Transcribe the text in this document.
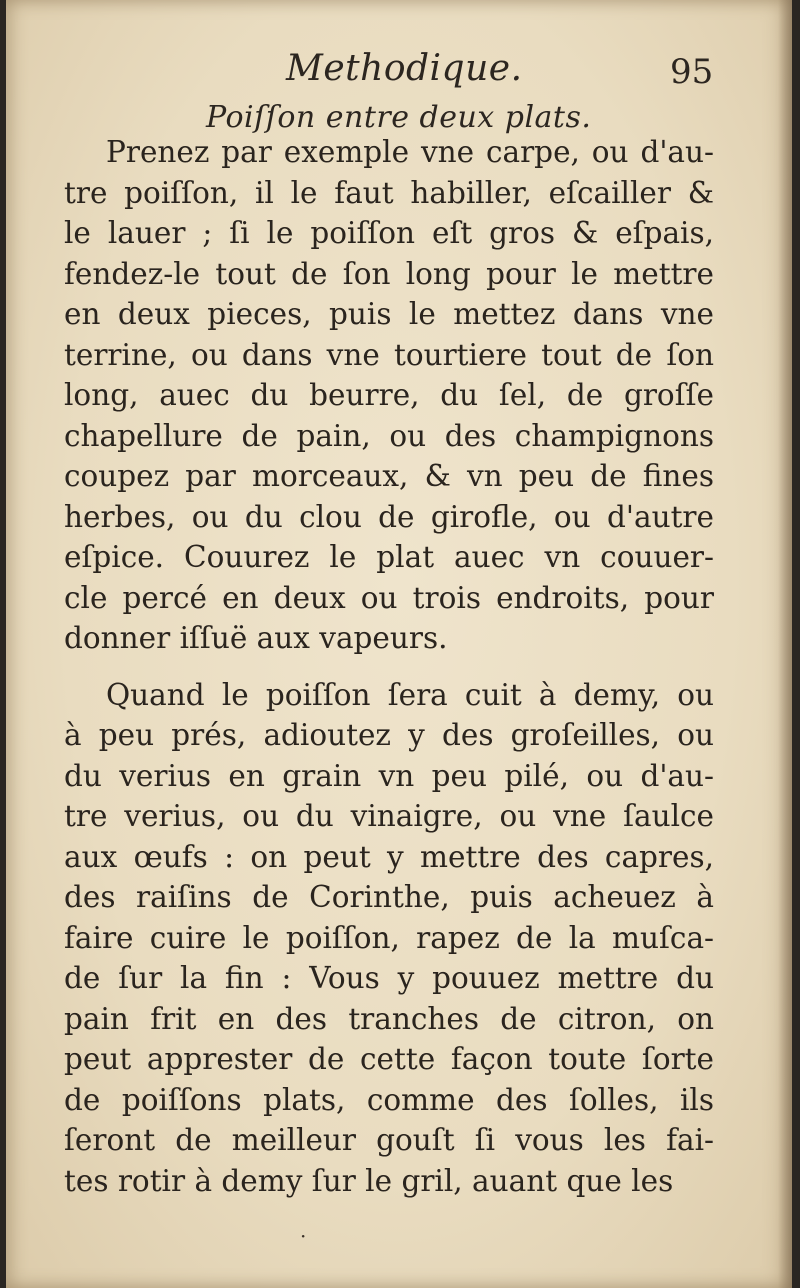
Methodique.	95
Poiſſon entre deux plats.
Prenez par exemple vne carpe, ou d'au-
tre poiſſon, il le faut habiller, eſcailler &
le lauer ; ſi le poiſſon eſt gros & eſpais,
fendez-le tout de ſon long pour le mettre
en deux pieces, puis le mettez dans vne
terrine, ou dans vne tourtiere tout de ſon
long, auec du beurre, du ſel, de groſſe
chapellure de pain, ou des champignons
coupez par morceaux, & vn peu de fines
herbes, ou du clou de girofle, ou d'autre
eſpice. Couurez le plat auec vn couuer-
cle percé en deux ou trois endroits, pour
donner iſſuë aux vapeurs.
Quand le poiſſon ſera cuit à demy, ou
à peu prés, adioutez y des groſeilles, ou
du verius en grain vn peu pilé, ou d'au-
tre verius, ou du vinaigre, ou vne ſaulce
aux œufs : on peut y mettre des capres,
des raiſins de Corinthe, puis acheuez à
faire cuire le poiſſon, rapez de la muſca-
de ſur la fin : Vous y pouuez mettre du
pain frit en des tranches de citron, on
peut apprester de cette façon toute ſorte
de poiſſons plats, comme des ſolles, ils
ſeront de meilleur gouſt ſi vous les fai-
tes rotir à demy ſur le gril, auant que les
·
